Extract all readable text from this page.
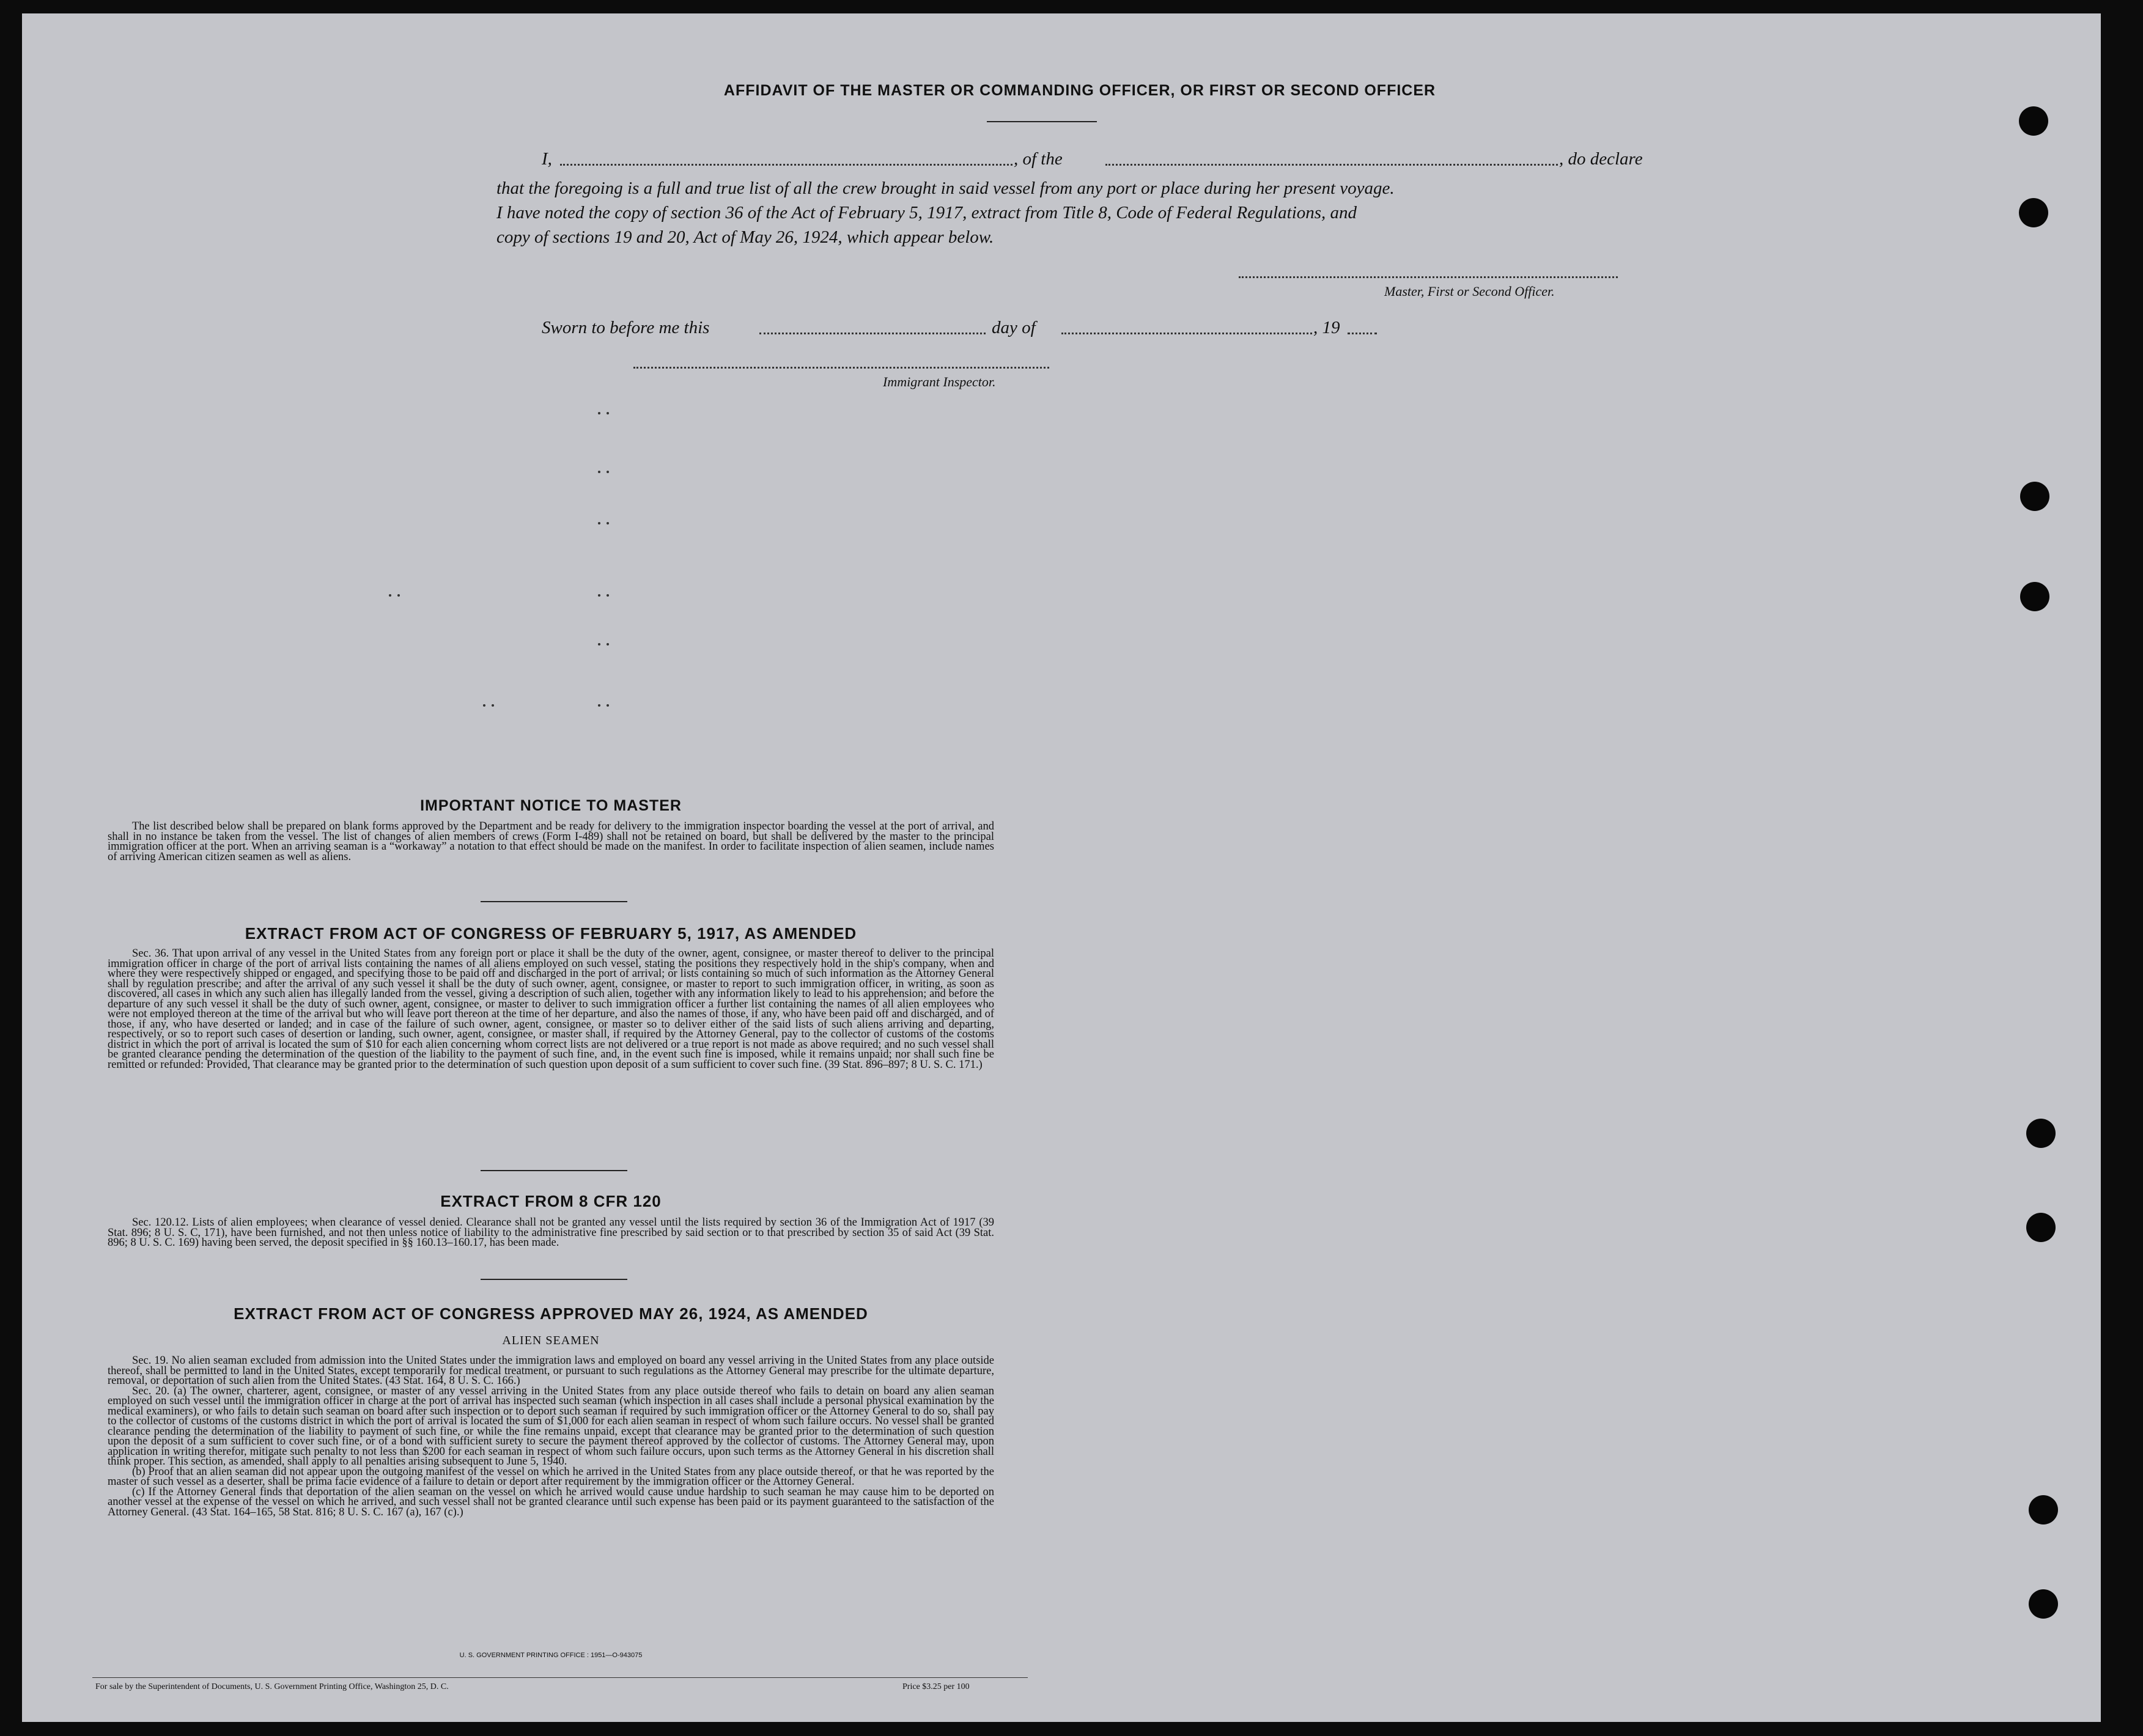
AFFIDAVIT OF THE MASTER OR COMMANDING OFFICER, OR FIRST OR SECOND OFFICER
I,	, of the	, do declare
that the foregoing is a full and true list of all the crew brought in said vessel from any port or place during her present voyage.
I have noted the copy of section 36 of the Act of February 5, 1917, extract from Title 8, Code of Federal Regulations, and
copy of sections 19 and 20, Act of May 26, 1924, which appear below.
Master, First or Second Officer.
Sworn to before me this	day of	, 19
Immigrant Inspector.
IMPORTANT NOTICE TO MASTER

The list described below shall be prepared on blank forms approved by the Department and be ready for delivery to the immigration inspector boarding the vessel at the port of arrival, and shall in no instance be taken from the vessel. The list of changes of alien members of crews (Form I-489) shall not be retained on board, but shall be delivered by the master to the principal immigration officer at the port. When an arriving seaman is a “workaway” a notation to that effect should be made on the manifest. In order to facilitate inspection of alien seamen, include names of arriving American citizen seamen as well as aliens.

EXTRACT FROM ACT OF CONGRESS OF FEBRUARY 5, 1917, AS AMENDED

Sec. 36. That upon arrival of any vessel in the United States from any foreign port or place it shall be the duty of the owner, agent, consignee, or master thereof to deliver to the principal immigration officer in charge of the port of arrival lists containing the names of all aliens employed on such vessel, stating the positions they respectively hold in the ship's company, when and where they were respectively shipped or engaged, and specifying those to be paid off and discharged in the port of arrival; or lists containing so much of such information as the Attorney General shall by regulation prescribe; and after the arrival of any such vessel it shall be the duty of such owner, agent, consignee, or master to report to such immigration officer, in writing, as soon as discovered, all cases in which any such alien has illegally landed from the vessel, giving a description of such alien, together with any information likely to lead to his apprehension; and before the departure of any such vessel it shall be the duty of such owner, agent, consignee, or master to deliver to such immigration officer a further list containing the names of all alien employees who were not employed thereon at the time of the arrival but who will leave port thereon at the time of her departure, and also the names of those, if any, who have been paid off and discharged, and of those, if any, who have deserted or landed; and in case of the failure of such owner, agent, consignee, or master so to deliver either of the said lists of such aliens arriving and departing, respectively, or so to report such cases of desertion or landing, such owner, agent, consignee, or master shall, if required by the Attorney General, pay to the collector of customs of the costoms district in which the port of arrival is located the sum of $10 for each alien concerning whom correct lists are not delivered or a true report is not made as above required; and no such vessel shall be granted clearance pending the determination of the question of the liability to the payment of such fine, and, in the event such fine is imposed, while it remains unpaid; nor shall such fine be remitted or refunded: Provided, That clearance may be granted prior to the determination of such question upon deposit of a sum sufficient to cover such fine. (39 Stat. 896–897; 8 U. S. C. 171.)

EXTRACT FROM 8 CFR 120

Sec. 120.12. Lists of alien employees; when clearance of vessel denied. Clearance shall not be granted any vessel until the lists required by section 36 of the Immigration Act of 1917 (39 Stat. 896; 8 U. S. C, 171), have been furnished, and not then unless notice of liability to the administrative fine prescribed by said section or to that prescribed by section 35 of said Act (39 Stat. 896; 8 U. S. C. 169) having been served, the deposit specified in §§ 160.13–160.17, has been made.

EXTRACT FROM ACT OF CONGRESS APPROVED MAY 26, 1924, AS AMENDED
ALIEN SEAMEN

Sec. 19. No alien seaman excluded from admission into the United States under the immigration laws and employed on board any vessel arriving in the United States from any place outside thereof, shall be permitted to land in the United States, except temporarily for medical treatment, or pursuant to such regulations as the Attorney General may prescribe for the ultimate departure, removal, or deportation of such alien from the United States. (43 Stat. 164, 8 U. S. C. 166.)

Sec. 20. (a) The owner, charterer, agent, consignee, or master of any vessel arriving in the United States from any place outside thereof who fails to detain on board any alien seaman employed on such vessel until the immigration officer in charge at the port of arrival has inspected such seaman (which inspection in all cases shall include a personal physical examination by the medical examiners), or who fails to detain such seaman on board after such inspection or to deport such seaman if required by such immigration officer or the Attorney General to do so, shall pay to the collector of customs of the customs district in which the port of arrival is located the sum of $1,000 for each alien seaman in respect of whom such failure occurs. No vessel shall be granted clearance pending the determination of the liability to payment of such fine, or while the fine remains unpaid, except that clearance may be granted prior to the determination of such question upon the deposit of a sum sufficient to cover such fine, or of a bond with sufficient surety to secure the payment thereof approved by the collector of customs. The Attorney General may, upon application in writing therefor, mitigate such penalty to not less than $200 for each seaman in respect of whom such failure occurs, upon such terms as the Attorney General in his discretion shall think proper. This section, as amended, shall apply to all penalties arising subsequent to June 5, 1940.

(b) Proof that an alien seaman did not appear upon the outgoing manifest of the vessel on which he arrived in the United States from any place outside thereof, or that he was reported by the master of such vessel as a deserter, shall be prima facie evidence of a failure to detain or deport after requirement by the immigration officer or the Attorney General.

(c) If the Attorney General finds that deportation of the alien seaman on the vessel on which he arrived would cause undue hardship to such seaman he may cause him to be deported on another vessel at the expense of the vessel on which he arrived, and such vessel shall not be granted clearance until such expense has been paid or its payment guaranteed to the satisfaction of the Attorney General. (43 Stat. 164–165, 58 Stat. 816; 8 U. S. C. 167 (a), 167 (c).)

U. S. GOVERNMENT PRINTING OFFICE : 1951—O-943075
For sale by the Superintendent of Documents, U. S. Government Printing Office, Washington 25, D. C.	Price $3.25 per 100
